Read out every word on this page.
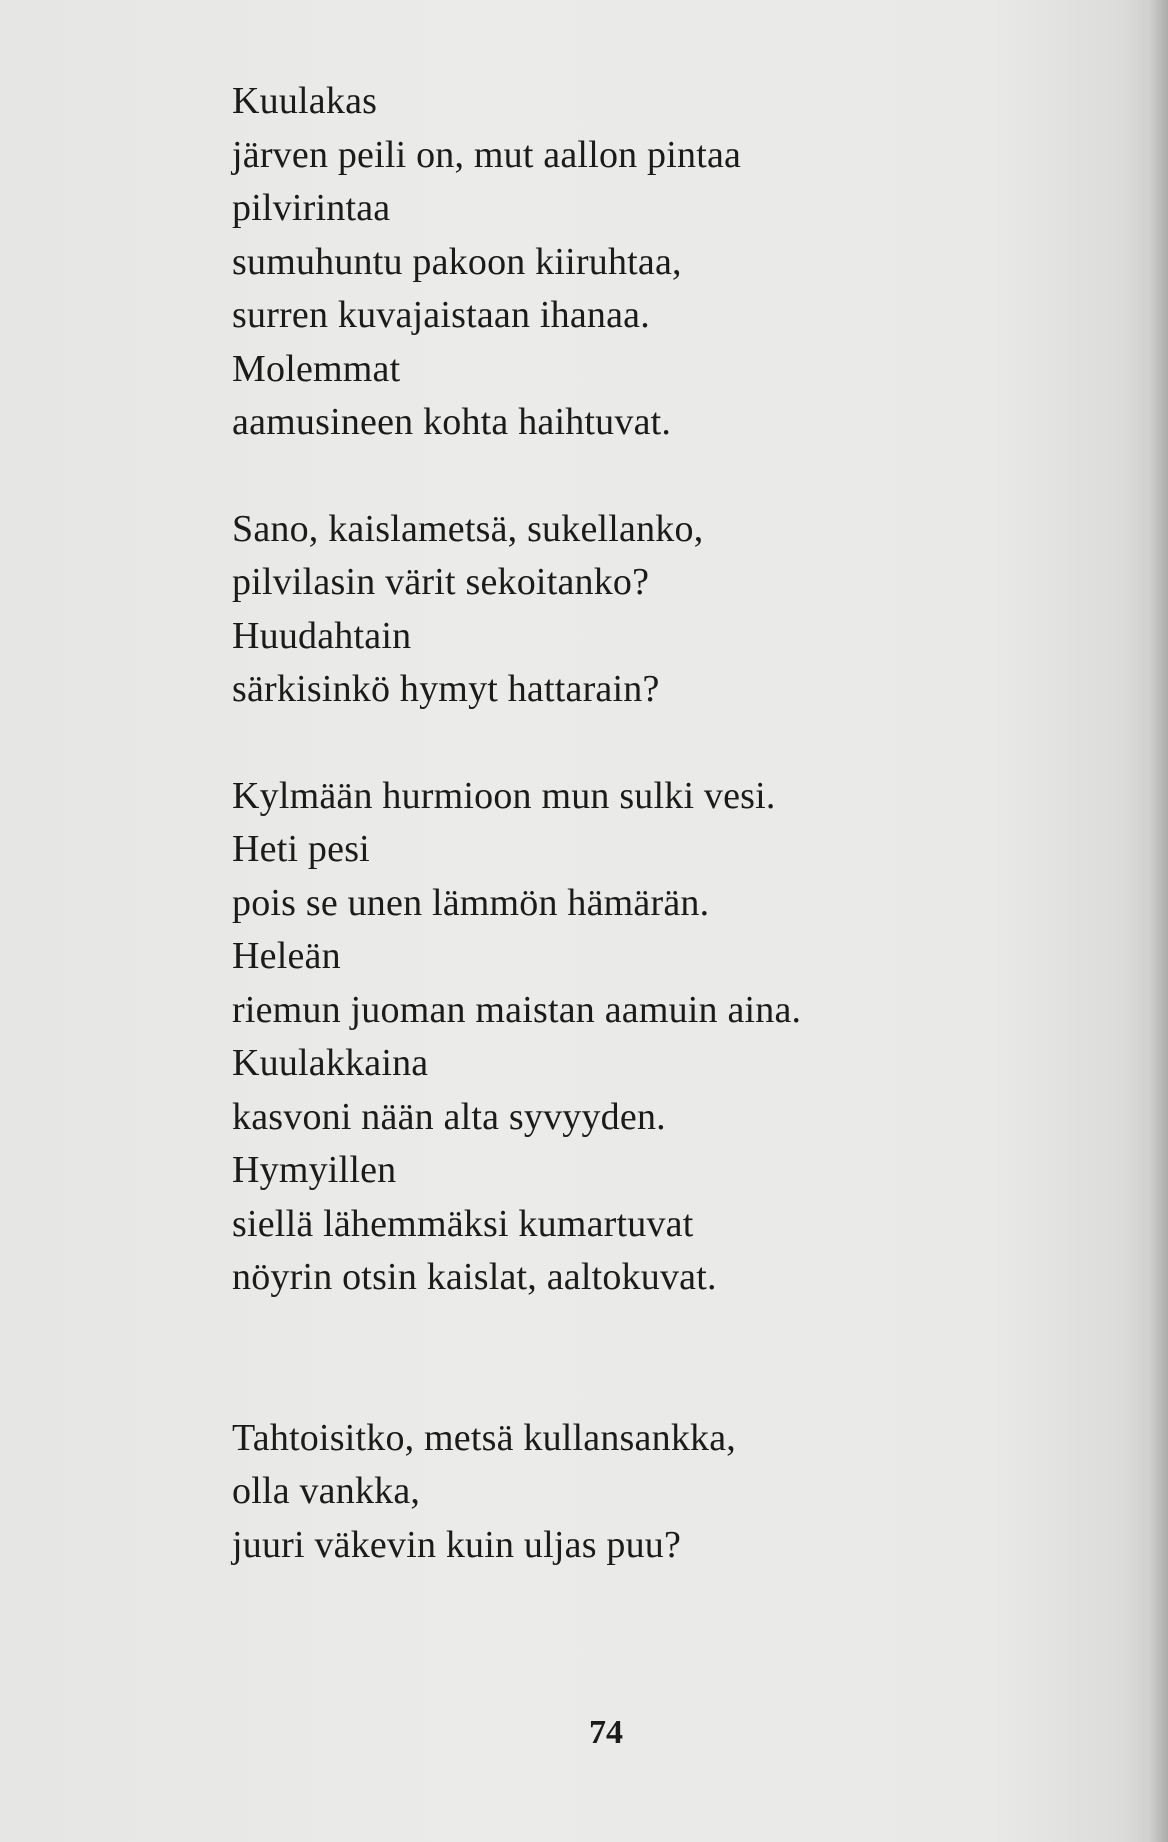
Kuulakas
järven peili on, mut aallon pintaa
pilvirintaa
sumuhuntu pakoon kiiruhtaa,
surren kuvajaistaan ihanaa.
Molemmat
aamusineen kohta haihtuvat.
Sano, kaislametsä, sukellanko,
pilvilasin värit sekoitanko?
Huudahtain
särkisinkö hymyt hattarain?
Kylmään hurmioon mun sulki vesi.
Heti pesi
pois se unen lämmön hämärän.
Heleän
riemun juoman maistan aamuin aina.
Kuulakkaina
kasvoni nään alta syvyyden.
Hymyillen
siellä lähemmäksi kumartuvat
nöyrin otsin kaislat, aaltokuvat.
Tahtoisitko, metsä kullansankka,
olla vankka,
juuri väkevin kuin uljas puu?
74
